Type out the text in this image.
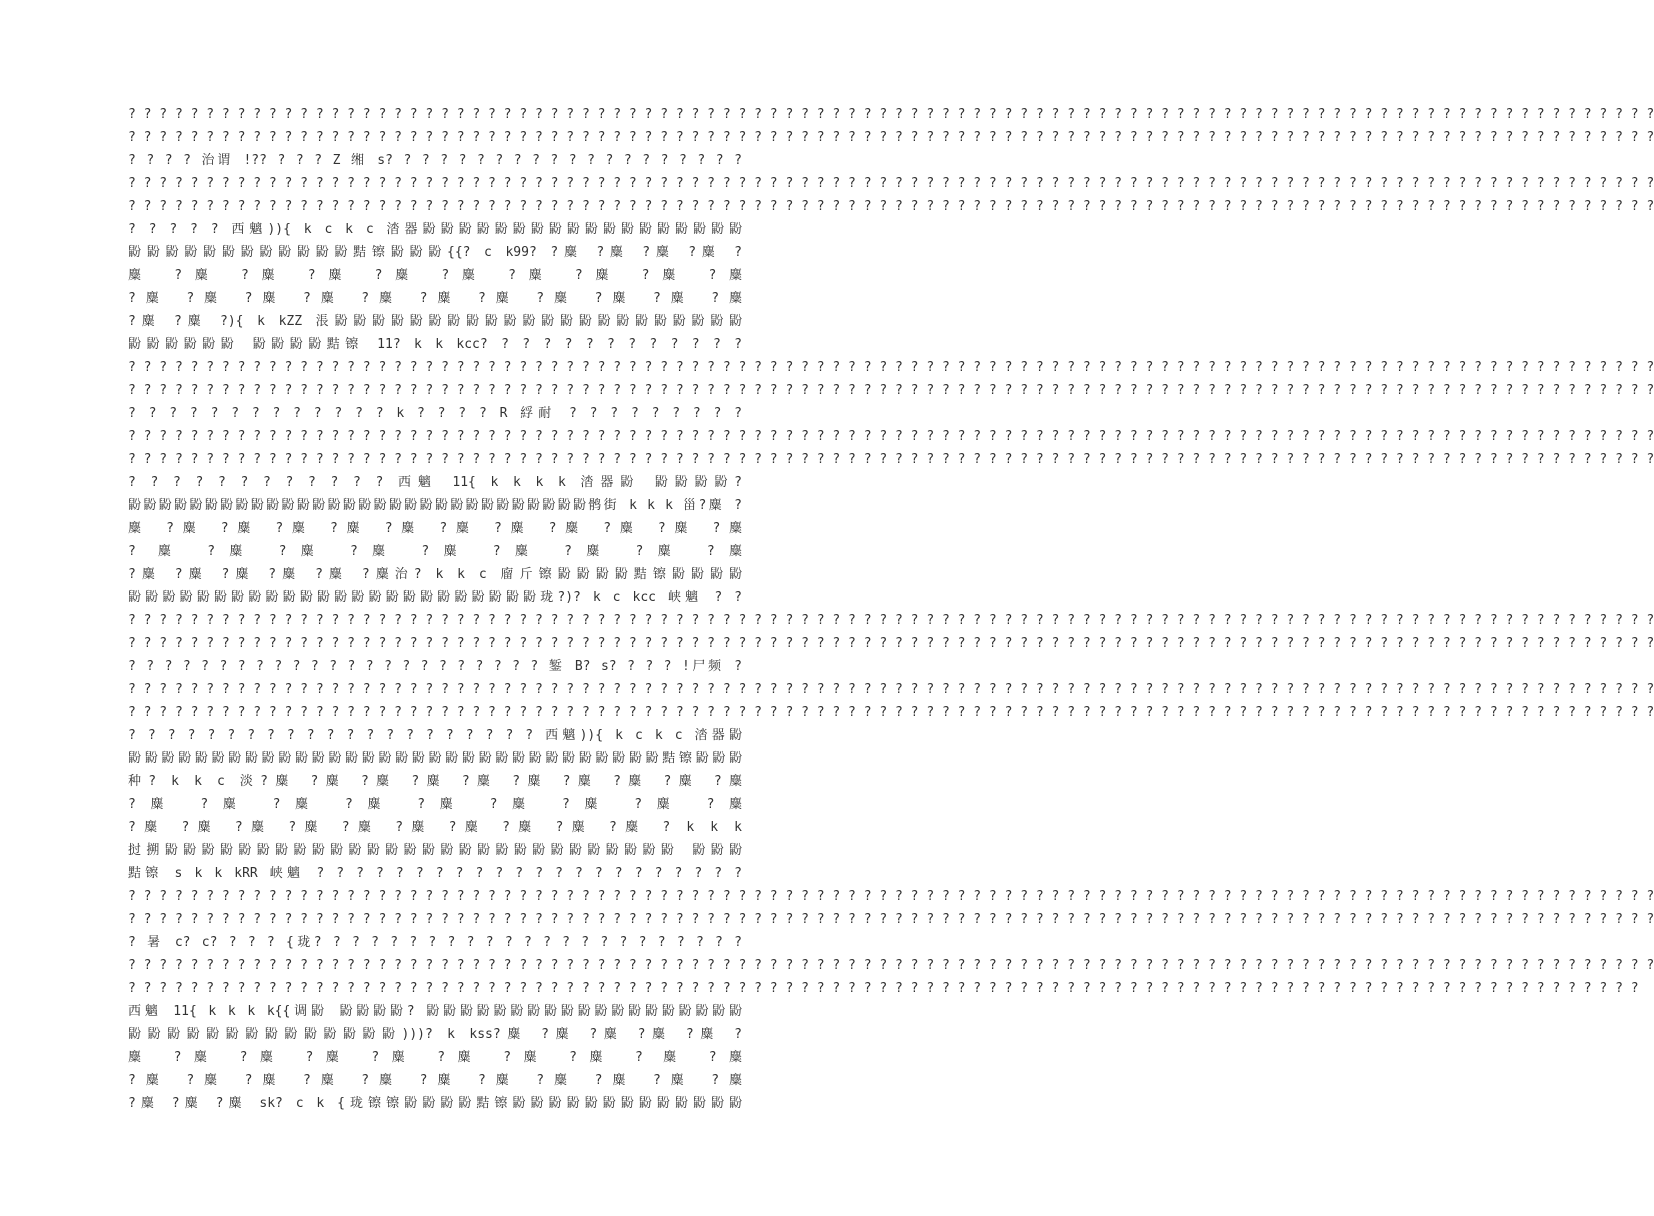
? ? ? ? ? ? ? ? ? ? ? ? ? ? ? ? ? ? ? ? ? ? ? ? ? ? ? ? ? ? ? ? ? ? ? ? ? ? ? ? ? ? ? ? ? ? ? ? ? ? ? ? ? ? ? ? ? ? ? ? ? ? ? ? ? ? ? ? ? ? ? ? ? ? ? ? ? ? ? ? ? ? ? ? ? ? ? ? ? ? ? ? ? ? ? ? ? ?
? ? ? ? ? ? ? ? ? ? ? ? ? ? ? ? ? ? ? ? ? ? ? ? ? ? ? ? ? ? ? ? ? ? ? ? ? ? ? ? ? ? ? ? ? ? ? ? ? ? ? ? ? ? ? ? ? ? ? ? ? ? ? ? ? ? ? ? ? ? ? ? ? ? ? ? ? ? ? ? ? ? ? ? ? ? ? ? ? ? ? ? ? ? ? ? ? ?
? ? ? ? 治谓 !?? ? ? ? Z 缃 s? ? ? ? ? ? ? ? ? ? ? ? ? ? ? ? ? ? ? ?
? ? ? ? ? ? ? ? ? ? ? ? ? ? ? ? ? ? ? ? ? ? ? ? ? ? ? ? ? ? ? ? ? ? ? ? ? ? ? ? ? ? ? ? ? ? ? ? ? ? ? ? ? ? ? ? ? ? ? ? ? ? ? ? ? ? ? ? ? ? ? ? ? ? ? ? ? ? ? ? ? ? ? ? ? ? ? ? ? ? ? ? ? ? ? ? ? ?
? ? ? ? ? ? ? ? ? ? ? ? ? ? ? ? ? ? ? ? ? ? ? ? ? ? ? ? ? ? ? ? ? ? ? ? ? ? ? ? ? ? ? ? ? ? ? ? ? ? ? ? ? ? ? ? ? ? ? ? ? ? ? ? ? ? ? ? ? ? ? ? ? ? ? ? ? ? ? ? ? ? ? ? ? ? ? ? ? ? ? ? ? ? ? ? ? ?
? ? ? ? ? 西魑)){ k c k c 涾器鼢鼢鼢鼢鼢鼢鼢鼢鼢鼢鼢鼢鼢鼢鼢鼢鼢鼢
鼢鼢鼢鼢鼢鼢鼢鼢鼢鼢鼢鼢黠镲鼢鼢鼢{{? c k99? ?麋 ?麋 ?麋 ?麋 ?
麋 ?麋 ?麋 ?麋 ?麋 ?麋 ?麋 ?麋 ?麋 ?麋
?麋 ?麋 ?麋 ?麋 ?麋 ?麋 ?麋 ?麋 ?麋 ?麋 ?麋
?麋 ?麋 ?){ k kZZ 涱鼢鼢鼢鼢鼢鼢鼢鼢鼢鼢鼢鼢鼢鼢鼢鼢鼢鼢鼢鼢鼢鼢
鼢鼢鼢鼢鼢鼢 鼢鼢鼢鼢黠镲 11? k k kcc? ? ? ? ? ? ? ? ? ? ? ? ?
? ? ? ? ? ? ? ? ? ? ? ? ? ? ? ? ? ? ? ? ? ? ? ? ? ? ? ? ? ? ? ? ? ? ? ? ? ? ? ? ? ? ? ? ? ? ? ? ? ? ? ? ? ? ? ? ? ? ? ? ? ? ? ? ? ? ? ? ? ? ? ? ? ? ? ? ? ? ? ? ? ? ? ? ? ? ? ? ? ? ? ? ? ? ? ? ? ?
? ? ? ? ? ? ? ? ? ? ? ? ? ? ? ? ? ? ? ? ? ? ? ? ? ? ? ? ? ? ? ? ? ? ? ? ? ? ? ? ? ? ? ? ? ? ? ? ? ? ? ? ? ? ? ? ? ? ? ? ? ? ? ? ? ? ? ? ? ? ? ? ? ? ? ? ? ? ? ? ? ? ? ? ? ? ? ? ? ? ? ? ? ? ? ? ? ?
? ? ? ? ? ? ? ? ? ? ? ? ? k ? ? ? ? R 綒耐 ? ? ? ? ? ? ? ? ?
? ? ? ? ? ? ? ? ? ? ? ? ? ? ? ? ? ? ? ? ? ? ? ? ? ? ? ? ? ? ? ? ? ? ? ? ? ? ? ? ? ? ? ? ? ? ? ? ? ? ? ? ? ? ? ? ? ? ? ? ? ? ? ? ? ? ? ? ? ? ? ? ? ? ? ? ? ? ? ? ? ? ? ? ? ? ? ? ? ? ? ? ? ? ? ? ? ?
? ? ? ? ? ? ? ? ? ? ? ? ? ? ? ? ? ? ? ? ? ? ? ? ? ? ? ? ? ? ? ? ? ? ? ? ? ? ? ? ? ? ? ? ? ? ? ? ? ? ? ? ? ? ? ? ? ? ? ? ? ? ? ? ? ? ? ? ? ? ? ? ? ? ? ? ? ? ? ? ? ? ? ? ? ? ? ? ? ? ? ? ? ? ? ? ? ?
? ? ? ? ? ? ? ? ? ? ? ? 西魑 11{ k k k k 涾器鼢 鼢鼢鼢鼢?
鼢鼢鼢鼢鼢鼢鼢鼢鼢鼢鼢鼢鼢鼢鼢鼢鼢鼢鼢鼢鼢鼢鼢鼢鼢鼢鼢鼢鼢鼢鹘街 k k k 甾?麋 ?
麋 ?麋 ?麋 ?麋 ?麋 ?麋 ?麋 ?麋 ?麋 ?麋 ?麋 ?麋
? 麋 ?麋 ?麋 ?麋 ?麋 ?麋 ?麋 ?麋 ?麋
?麋 ?麋 ?麋 ?麋 ?麋 ?麋治? k k c 廇斤镲鼢鼢鼢鼢黠镲鼢鼢鼢鼢
鼢鼢鼢鼢鼢鼢鼢鼢鼢鼢鼢鼢鼢鼢鼢鼢鼢鼢鼢鼢鼢鼢鼢鼢珑?)? k c kcc 峡魑 ? ?
? ? ? ? ? ? ? ? ? ? ? ? ? ? ? ? ? ? ? ? ? ? ? ? ? ? ? ? ? ? ? ? ? ? ? ? ? ? ? ? ? ? ? ? ? ? ? ? ? ? ? ? ? ? ? ? ? ? ? ? ? ? ? ? ? ? ? ? ? ? ? ? ? ? ? ? ? ? ? ? ? ? ? ? ? ? ? ? ? ? ? ? ? ? ? ? ? ?
? ? ? ? ? ? ? ? ? ? ? ? ? ? ? ? ? ? ? ? ? ? ? ? ? ? ? ? ? ? ? ? ? ? ? ? ? ? ? ? ? ? ? ? ? ? ? ? ? ? ? ? ? ? ? ? ? ? ? ? ? ? ? ? ? ? ? ? ? ? ? ? ? ? ? ? ? ? ? ? ? ? ? ? ? ? ? ? ? ? ? ? ? ? ? ? ? ?
? ? ? ? ? ? ? ? ? ? ? ? ? ? ? ? ? ? ? ? ? ? ? 錾 B? s? ? ? ? !尸频 ?
? ? ? ? ? ? ? ? ? ? ? ? ? ? ? ? ? ? ? ? ? ? ? ? ? ? ? ? ? ? ? ? ? ? ? ? ? ? ? ? ? ? ? ? ? ? ? ? ? ? ? ? ? ? ? ? ? ? ? ? ? ? ? ? ? ? ? ? ? ? ? ? ? ? ? ? ? ? ? ? ? ? ? ? ? ? ? ? ? ? ? ? ? ? ? ? ? ?
? ? ? ? ? ? ? ? ? ? ? ? ? ? ? ? ? ? ? ? ? ? ? ? ? ? ? ? ? ? ? ? ? ? ? ? ? ? ? ? ? ? ? ? ? ? ? ? ? ? ? ? ? ? ? ? ? ? ? ? ? ? ? ? ? ? ? ? ? ? ? ? ? ? ? ? ? ? ? ? ? ? ? ? ? ? ? ? ? ? ? ? ? ? ? ? ? ?
? ? ? ? ? ? ? ? ? ? ? ? ? ? ? ? ? ? ? ? ? 西魑)){ k c k c 涾器鼢
鼢鼢鼢鼢鼢鼢鼢鼢鼢鼢鼢鼢鼢鼢鼢鼢鼢鼢鼢鼢鼢鼢鼢鼢鼢鼢鼢鼢鼢鼢鼢鼢黠镲鼢鼢鼢
种? k k c 淡?麋 ?麋 ?麋 ?麋 ?麋 ?麋 ?麋 ?麋 ?麋 ?麋
?麋 ?麋 ?麋 ?麋 ?麋 ?麋 ?麋 ?麋 ?麋
?麋 ?麋 ?麋 ?麋 ?麋 ?麋 ?麋 ?麋 ?麋 ?麋 ? k k k
挝搠鼢鼢鼢鼢鼢鼢鼢鼢鼢鼢鼢鼢鼢鼢鼢鼢鼢鼢鼢鼢鼢鼢鼢鼢鼢鼢鼢鼢 鼢鼢鼢
黠镲 s k k kRR 峡魑 ? ? ? ? ? ? ? ? ? ? ? ? ? ? ? ? ? ? ? ? ? ?
? ? ? ? ? ? ? ? ? ? ? ? ? ? ? ? ? ? ? ? ? ? ? ? ? ? ? ? ? ? ? ? ? ? ? ? ? ? ? ? ? ? ? ? ? ? ? ? ? ? ? ? ? ? ? ? ? ? ? ? ? ? ? ? ? ? ? ? ? ? ? ? ? ? ? ? ? ? ? ? ? ? ? ? ? ? ? ? ? ? ? ? ? ? ? ? ? ?
? ? ? ? ? ? ? ? ? ? ? ? ? ? ? ? ? ? ? ? ? ? ? ? ? ? ? ? ? ? ? ? ? ? ? ? ? ? ? ? ? ? ? ? ? ? ? ? ? ? ? ? ? ? ? ? ? ? ? ? ? ? ? ? ? ? ? ? ? ? ? ? ? ? ? ? ? ? ? ? ? ? ? ? ? ? ? ? ? ? ? ? ? ? ? ? ? ?
? 暑 c? c? ? ? ? {珑? ? ? ? ? ? ? ? ? ? ? ? ? ? ? ? ? ? ? ? ? ? ?
? ? ? ? ? ? ? ? ? ? ? ? ? ? ? ? ? ? ? ? ? ? ? ? ? ? ? ? ? ? ? ? ? ? ? ? ? ? ? ? ? ? ? ? ? ? ? ? ? ? ? ? ? ? ? ? ? ? ? ? ? ? ? ? ? ? ? ? ? ? ? ? ? ? ? ? ? ? ? ? ? ? ? ? ? ? ? ? ? ? ? ? ? ? ? ? ? ?
? ? ? ? ? ? ? ? ? ? ? ? ? ? ? ? ? ? ? ? ? ? ? ? ? ? ? ? ? ? ? ? ? ? ? ? ? ? ? ? ? ? ? ? ? ? ? ? ? ? ? ? ? ? ? ? ? ? ? ? ? ? ? ? ? ? ? ? ? ? ? ? ? ? ? ? ? ? ? ? ? ? ? ? ? ? ? ? ? ? ? ? ? ? ? ? ?
西魑 11{ k k k k{{调鼢 鼢鼢鼢鼢? 鼢鼢鼢鼢鼢鼢鼢鼢鼢鼢鼢鼢鼢鼢鼢鼢鼢鼢鼢
鼢鼢鼢鼢鼢鼢鼢鼢鼢鼢鼢鼢鼢鼢)))? k kss?麋 ?麋 ?麋 ?麋 ?麋 ?
麋 ?麋 ?麋 ?麋 ?麋 ?麋 ?麋 ?麋 ? 麋 ?麋
?麋 ?麋 ?麋 ?麋 ?麋 ?麋 ?麋 ?麋 ?麋 ?麋 ?麋
?麋 ?麋 ?麋 sk? c k {珑镲镲鼢鼢鼢鼢黠镲鼢鼢鼢鼢鼢鼢鼢鼢鼢鼢鼢鼢鼢
